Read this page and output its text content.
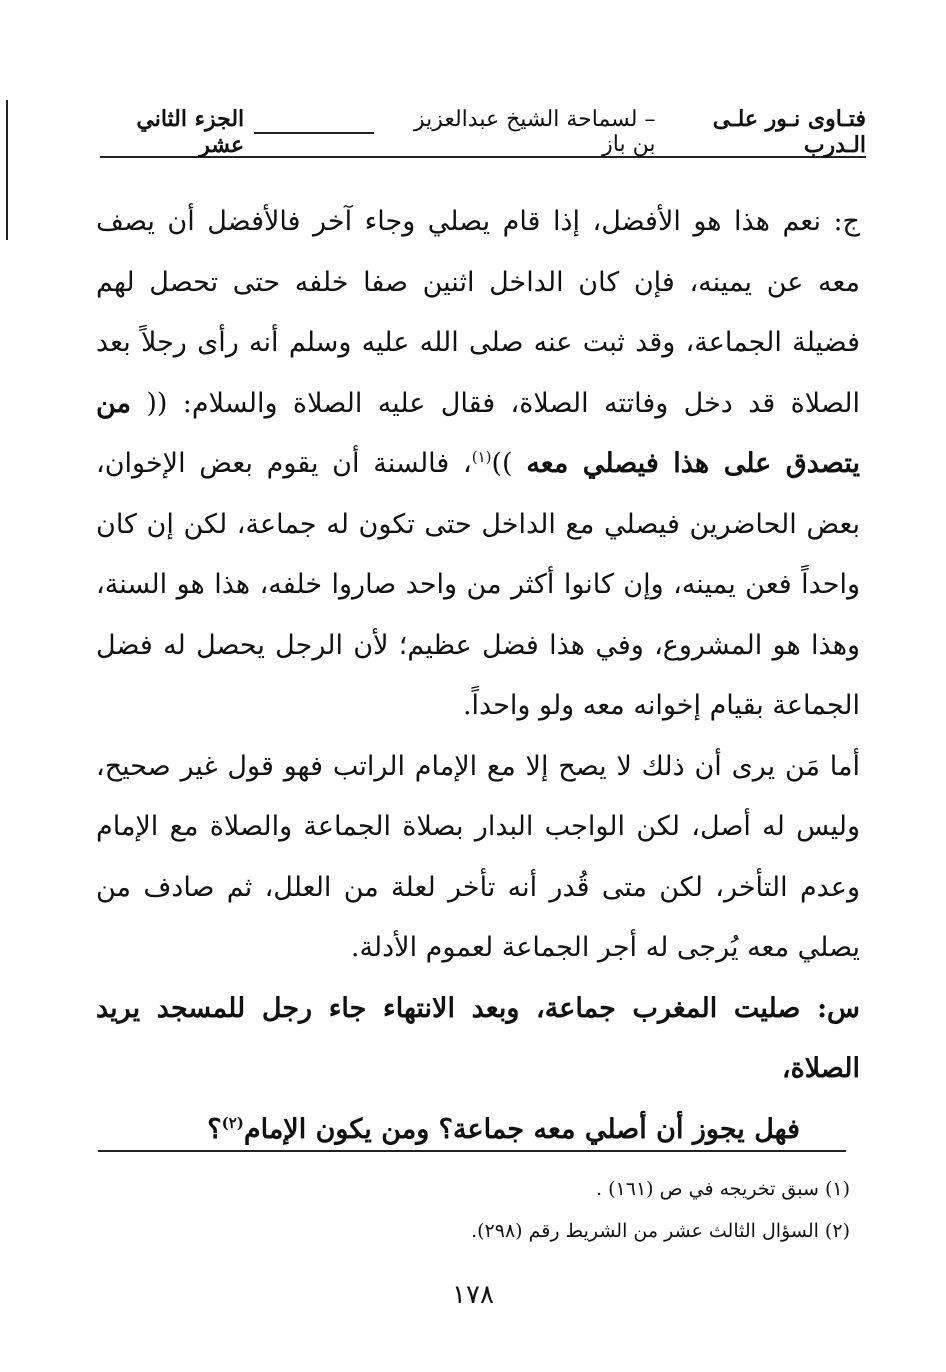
فتـاوى نـور علـى الـدرب
– لسماحة الشيخ عبدالعزيز بن باز
الجزء الثاني عشر

ج: نعم هذا هو الأفضل، إذا قام يصلي وجاء آخر فالأفضل أن يصف معه عن يمينه، فإن كان الداخل اثنين صفا خلفه حتى تحصل لهم فضيلة الجماعة، وقد ثبت عنه صلى الله عليه وسلم أنه رأى رجلاً بعد الصلاة قد دخل وفاتته الصلاة، فقال عليه الصلاة والسلام: (( من يتصدق على هذا فيصلي معه ))$^{(١)}$، فالسنة أن يقوم بعض الإخوان، بعض الحاضرين فيصلي مع الداخل حتى تكون له جماعة، لكن إن كان واحداً فعن يمينه، وإن كانوا أكثر من واحد صاروا خلفه، هذا هو السنة، وهذا هو المشروع، وفي هذا فضل عظيم؛ لأن الرجل يحصل له فضل الجماعة بقيام إخوانه معه ولو واحداً.

أما مَن يرى أن ذلك لا يصح إلا مع الإمام الراتب فهو قول غير صحيح، وليس له أصل، لكن الواجب البدار بصلاة الجماعة والصلاة مع الإمام وعدم التأخر، لكن متى قُدر أنه تأخر لعلة من العلل، ثم صادف من يصلي معه يُرجى له أجر الجماعة لعموم الأدلة.

س: صليت المغرب جماعة، وبعد الانتهاء جاء رجل للمسجد يريد الصلاة،
فهل يجوز أن أصلي معه جماعة؟ ومن يكون الإمام$^{(٢)}$؟

(١) سبق تخريجه في ص (١٦١) .
(٢) السؤال الثالث عشر من الشريط رقم (٢٩٨).
١٧٨
